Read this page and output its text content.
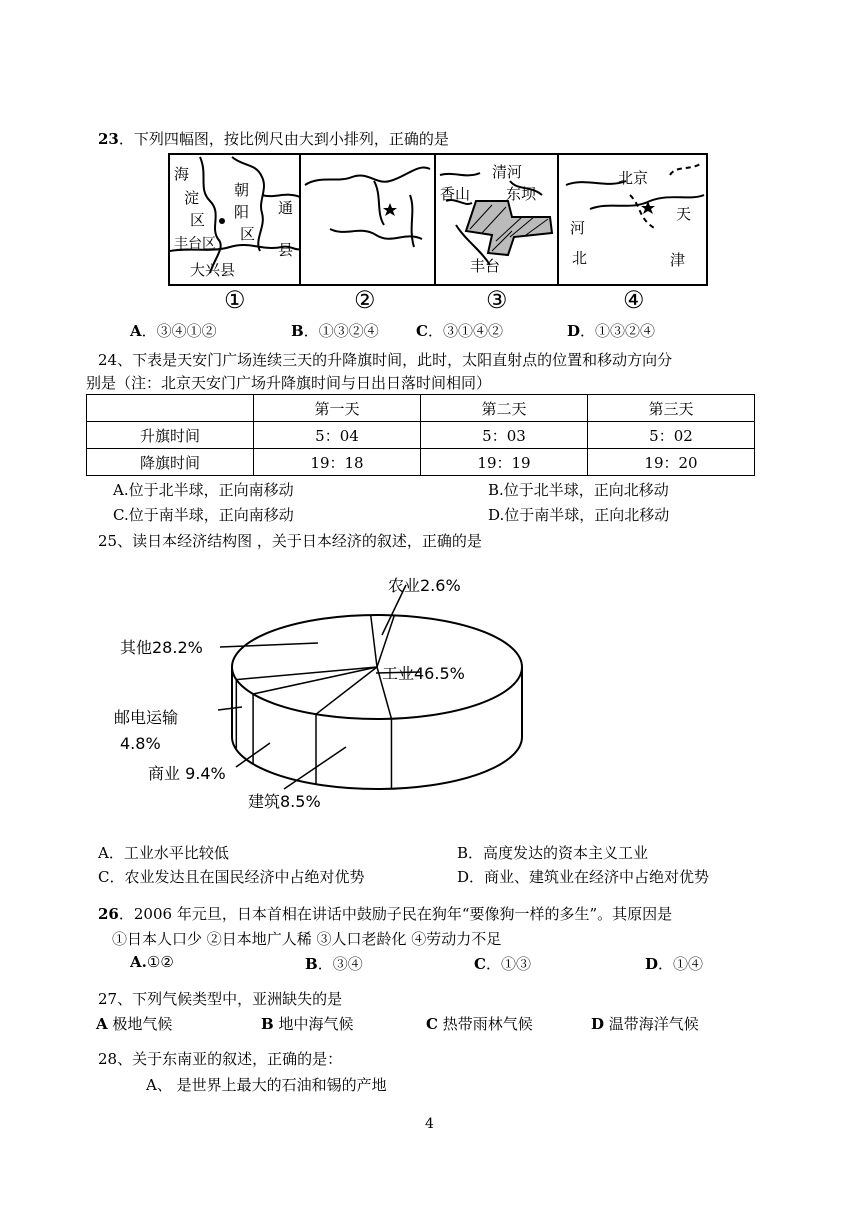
23．下列四幅图，按比例尺由大到小排列，正确的是
海
淀
区
朝
阳
区
通
县
丰台区
大兴县
清河
香山 东坝
丰台
北京
河
北
天
津
①	②	③	④
A．③④①②	B．①③②④ C．③①④②	D．①③②④
24、下表是天安门广场连续三天的升降旗时间，此时，太阳直射点的位置和移动方向分
别是（注：北京天安门广场升降旗时间与日出日落时间相同）
	第一天	第二天	第三天
升旗时间	5：04	5：03	5：02
降旗时间	19：18	19：19	19：20
A.位于北半球，正向南移动	B.位于北半球，正向北移动
C.位于南半球，正向南移动	D.位于南半球，正向北移动
25、读日本经济结构图 ，关于日本经济的叙述，正确的是
农业2.6%
其他28.2%
工业46.5%
邮电运输
4.8%
商业 9.4%
建筑8.5%
A．工业水平比较低	B．高度发达的资本主义工业
C．农业发达且在国民经济中占绝对优势	D．商业、建筑业在经济中占绝对优势
26．2006 年元旦，日本首相在讲话中鼓励子民在狗年“要像狗一样的多生”。其原因是
①日本人口少 ②日本地广人稀 ③人口老龄化 ④劳动力不足
A.①②	B．③④	C．①③	D．①④
27、下列气候类型中，亚洲缺失的是
A 极地气候	B 地中海气候	C 热带雨林气候	D 温带海洋气候
28、关于东南亚的叙述，正确的是：
A、 是世界上最大的石油和锡的产地
4
